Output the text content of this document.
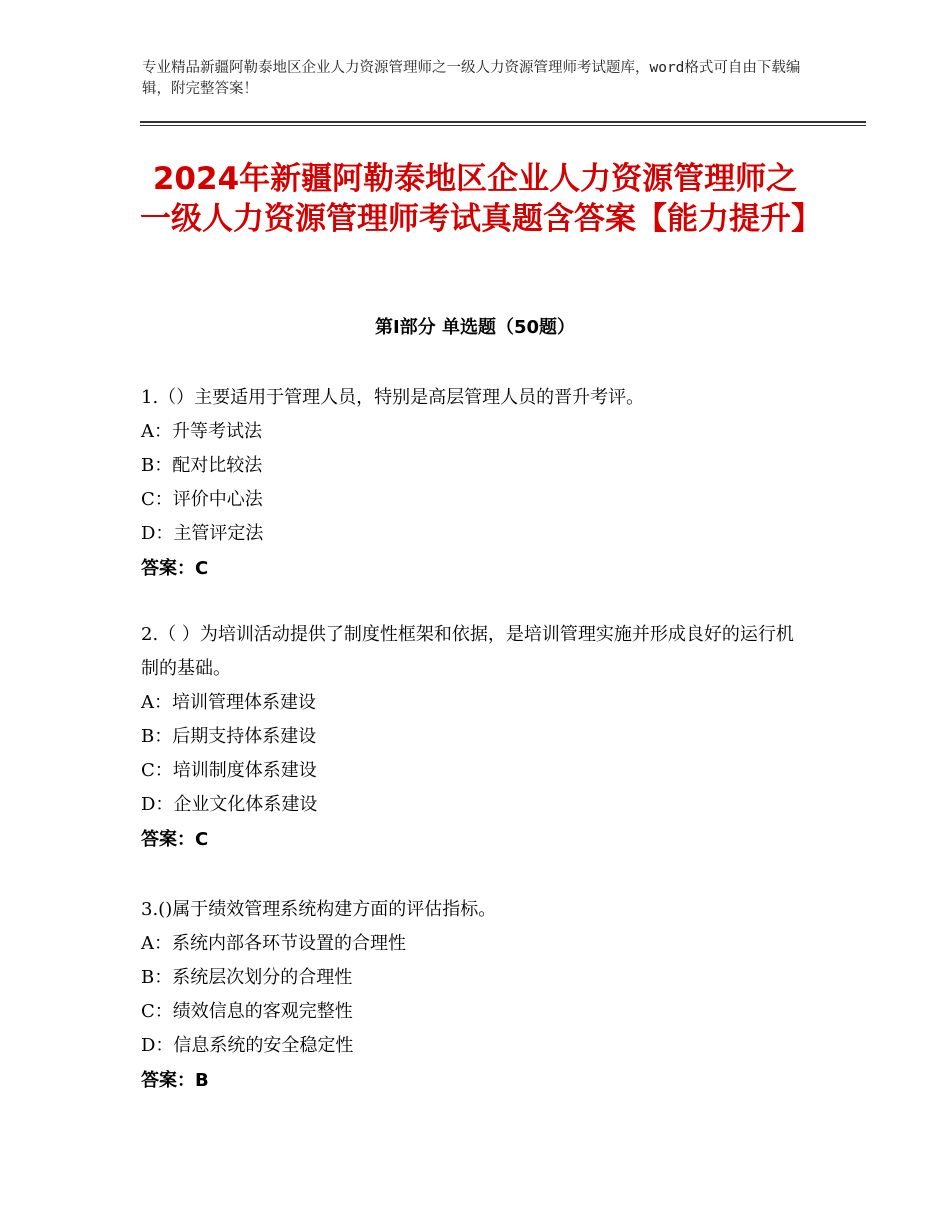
专业精品新疆阿勒泰地区企业人力资源管理师之一级人力资源管理师考试题库，word格式可自由下载编辑，附完整答案！
2024年新疆阿勒泰地区企业人力资源管理师之一级人力资源管理师考试真题含答案【能力提升】
第Ⅰ部分 单选题（50题）
1.（）主要适用于管理人员，特别是高层管理人员的晋升考评。
A：升等考试法
B：配对比较法
C：评价中心法
D：主管评定法
答案：C
2.（ ）为培训活动提供了制度性框架和依据，是培训管理实施并形成良好的运行机制的基础。
A：培训管理体系建设
B：后期支持体系建设
C：培训制度体系建设
D：企业文化体系建设
答案：C
3.()属于绩效管理系统构建方面的评估指标。
A：系统内部各环节设置的合理性
B：系统层次划分的合理性
C：绩效信息的客观完整性
D：信息系统的安全稳定性
答案：B
